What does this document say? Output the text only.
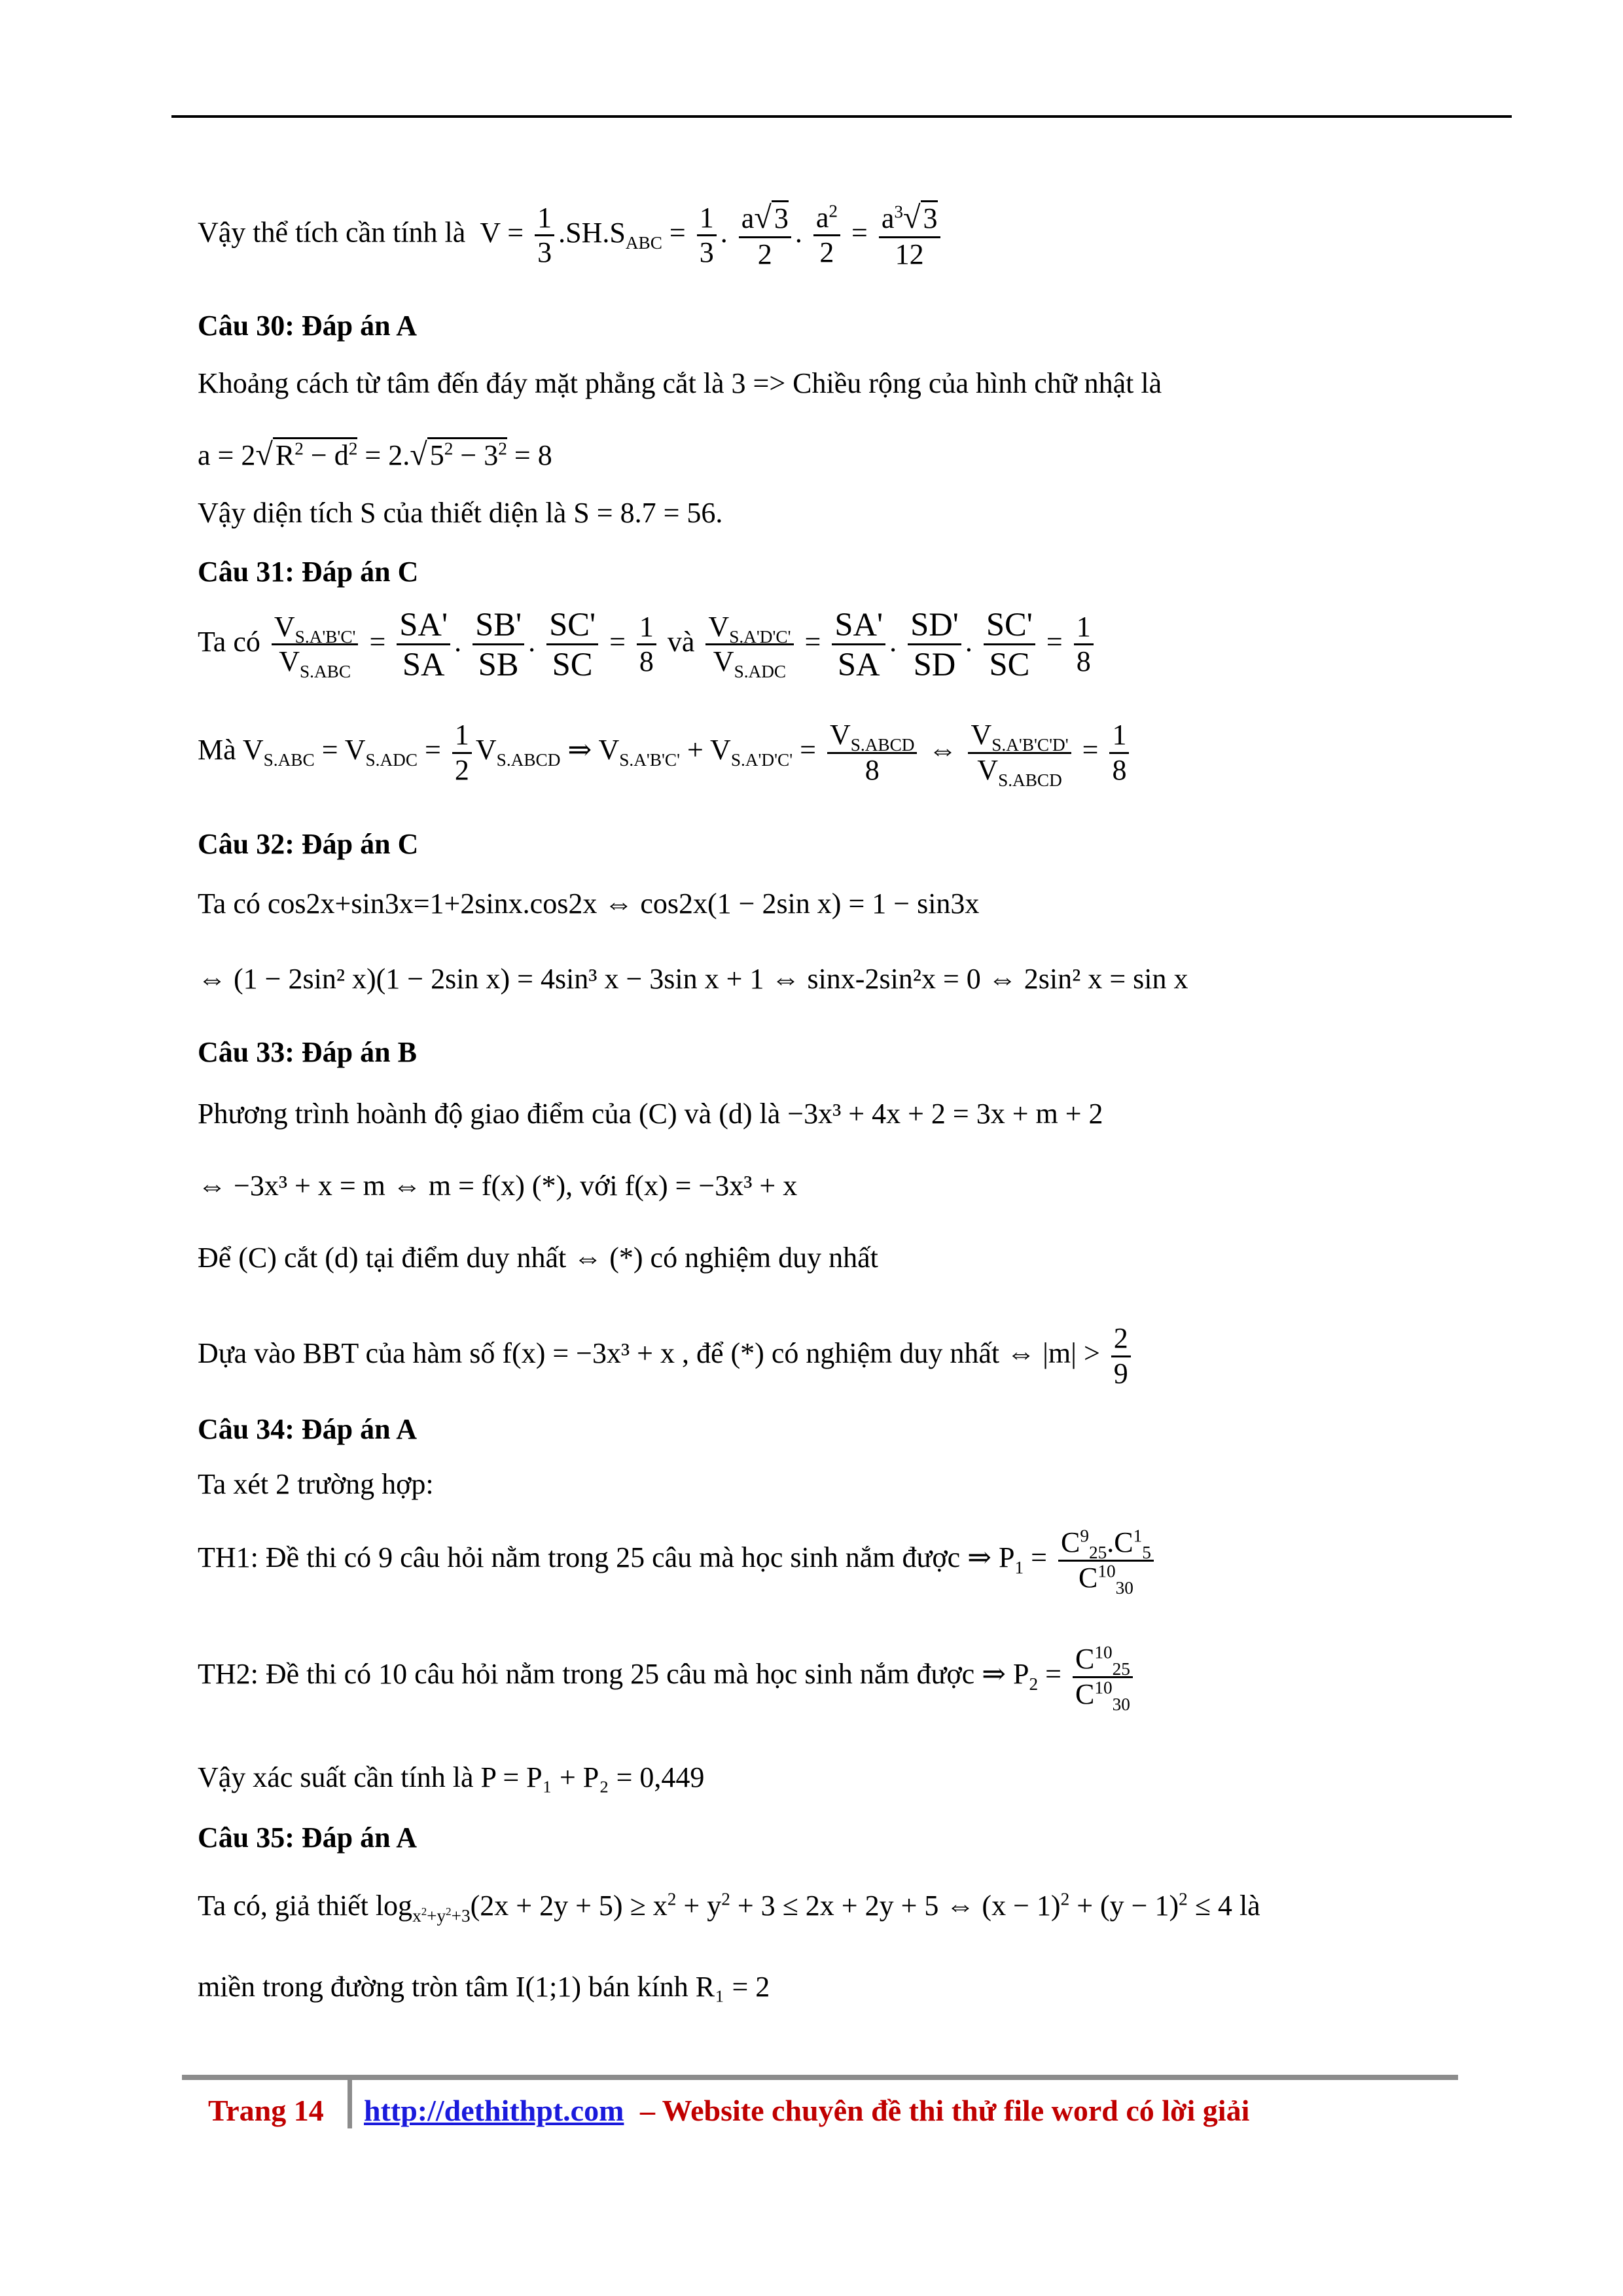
Vậy thể tích cần tính là  $V = \frac{1}{3} .SH.S_{ABC} = \frac{1}{3}$ . $\frac{a√3}{2}$ . $\frac{a^2}{2} = \frac{a^3√3}{12}$
Câu 30: Đáp án A
Khoảng cách từ tâm đến đáy mặt phẳng cắt là 3 => Chiều rộng của hình chữ nhật là
$a = 2√R^2 - d^2 = 2.√5^2 - 3^2 = 8$
Vậy diện tích S của thiết diện là S = 8.7 = 56.
Câu 31: Đáp án C
Ta có $\frac{V_{S.A'B'C'}}{V_{S.ABC}} = \frac{SA'}{SA}$ . $\frac{SB'}{SB}$ . $\frac{SC'}{SC} = \frac{1}{8}$ và $\frac{V_{S.A'D'C'}}{V_{S.ADC}} = \frac{SA'}{SA}$ . $\frac{SD'}{SD}$ . $\frac{SC'}{SC} = \frac{1}{8}$
Mà $V_{S.ABC} = V_{S.ADC} = \frac{1}{2} V_{S.ABCD}$ ⇒ $V_{S.A'B'C'} + V_{S.A'D'C'} = \frac{V_{S.ABCD}}{8}$ ⇔ $\frac{V_{S.A'B'C'D'}}{V_{S.ABCD}} = \frac{1}{8}$
Câu 32: Đáp án C
Ta có cos2x+sin3x=1+2sinx.cos2x ⇔ cos2x(1 − 2sin x) = 1 − sin3x
⇔ (1 − 2sin² x)(1 − 2sin x) = 4sin³ x − 3sin x + 1 ⇔ sinx-2sin²x = 0 ⇔ 2sin² x = sin x
Câu 33: Đáp án B
Phương trình hoành độ giao điểm của (C) và (d) là −3x³ + 4x + 2 = 3x + m + 2
⇔ −3x³ + x = m ⇔ m = f(x) (*), với f(x) = −3x³ + x
Để (C) cắt (d) tại điểm duy nhất ⇔ (*) có nghiệm duy nhất
Dựa vào BBT của hàm số f(x) = −3x³ + x , để (*) có nghiệm duy nhất ⇔ $|m| > \frac{2}{9}$
Câu 34: Đáp án A
Ta xét 2 trường hợp:
TH1: Đề thi có 9 câu hỏi nằm trong 25 câu mà học sinh nắm được ⇒ $P_1 = \frac{C^9_{25}.C^1_5}{C^{10}_{30}}$
TH2: Đề thi có 10 câu hỏi nằm trong 25 câu mà học sinh nắm được ⇒ $P_2 = \frac{C^{10}_{25}}{C^{10}_{30}}$
Vậy xác suất cần tính là P = P₁ + P₂ = 0,449
Câu 35: Đáp án A
Ta có, giả thiết $\log_{x^2+y^2+3}(2x + 2y + 5) \ge x^2 + y^2 + 3 \le 2x + 2y + 5$ ⇔ $(x - 1)^2 + (y - 1)^2 \le 4$ là
miền trong đường tròn tâm I(1;1) bán kính R₁ = 2
Trang 14 http://dethithpt.com – Website chuyên đề thi thử file word có lời giải
